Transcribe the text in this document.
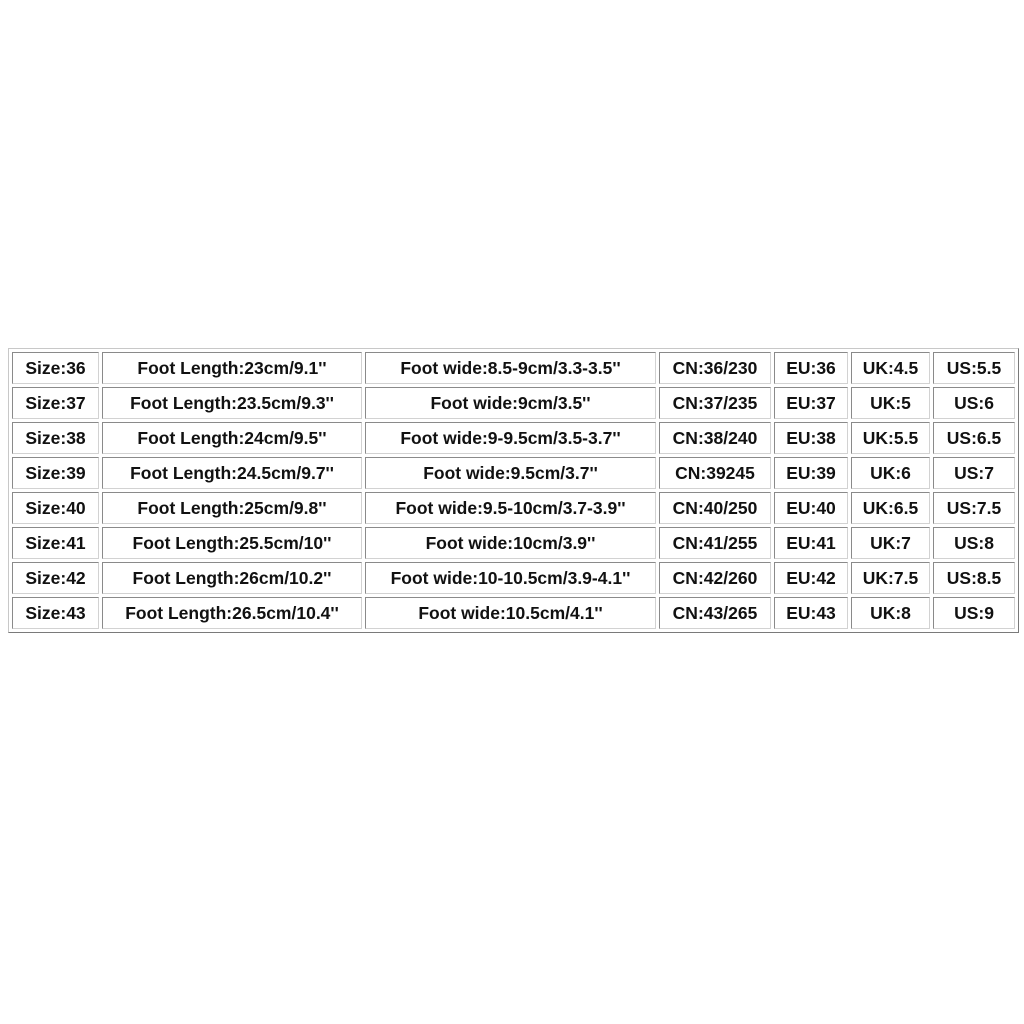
Size:36	Foot Length:23cm/9.1''	Foot wide:8.5-9cm/3.3-3.5''	CN:36/230	EU:36	UK:4.5	US:5.5
Size:37	Foot Length:23.5cm/9.3''	Foot wide:9cm/3.5''	CN:37/235	EU:37	UK:5	US:6
Size:38	Foot Length:24cm/9.5''	Foot wide:9-9.5cm/3.5-3.7''	CN:38/240	EU:38	UK:5.5	US:6.5
Size:39	Foot Length:24.5cm/9.7''	Foot wide:9.5cm/3.7''	CN:39245	EU:39	UK:6	US:7
Size:40	Foot Length:25cm/9.8''	Foot wide:9.5-10cm/3.7-3.9''	CN:40/250	EU:40	UK:6.5	US:7.5
Size:41	Foot Length:25.5cm/10''	Foot wide:10cm/3.9''	CN:41/255	EU:41	UK:7	US:8
Size:42	Foot Length:26cm/10.2''	Foot wide:10-10.5cm/3.9-4.1''	CN:42/260	EU:42	UK:7.5	US:8.5
Size:43	Foot Length:26.5cm/10.4''	Foot wide:10.5cm/4.1''	CN:43/265	EU:43	UK:8	US:9
